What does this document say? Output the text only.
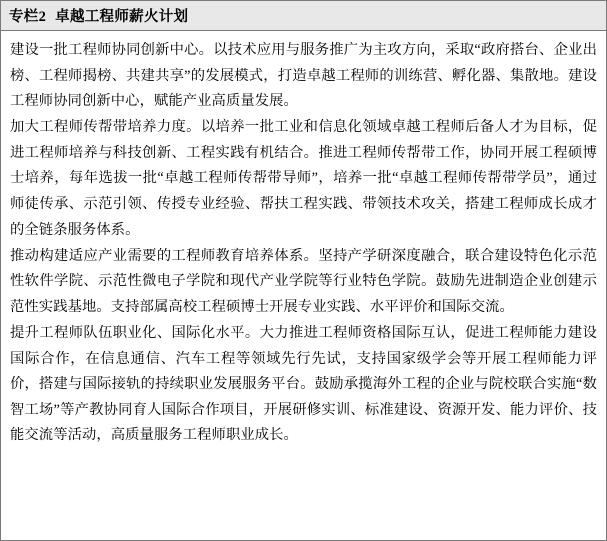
专栏2 卓越工程师薪火计划

建设一批工程师协同创新中心。以技术应用与服务推广为主攻方向，采取“政府搭台、企业出榜、工程师揭榜、共建共享”的发展模式，打造卓越工程师的训练营、孵化器、集散地。建设工程师协同创新中心，赋能产业高质量发展。

加大工程师传帮带培养力度。以培养一批工业和信息化领域卓越工程师后备人才为目标，促进工程师培养与科技创新、工程实践有机结合。推进工程师传帮带工作，协同开展工程硕博士培养，每年选拔一批“卓越工程师传帮带导师”，培养一批“卓越工程师传帮带学员”，通过师徒传承、示范引领、传授专业经验、帮扶工程实践、带领技术攻关，搭建工程师成长成才的全链条服务体系。

推动构建适应产业需要的工程师教育培养体系。坚持产学研深度融合，联合建设特色化示范性软件学院、示范性微电子学院和现代产业学院等行业特色学院。鼓励先进制造企业创建示范性实践基地。支持部属高校工程硕博士开展专业实践、水平评价和国际交流。

提升工程师队伍职业化、国际化水平。大力推进工程师资格国际互认，促进工程师能力建设国际合作，在信息通信、汽车工程等领域先行先试，支持国家级学会等开展工程师能力评价，搭建与国际接轨的持续职业发展服务平台。鼓励承揽海外工程的企业与院校联合实施“数智工场”等产教协同育人国际合作项目，开展研修实训、标准建设、资源开发、能力评价、技能交流等活动，高质量服务工程师职业成长。
